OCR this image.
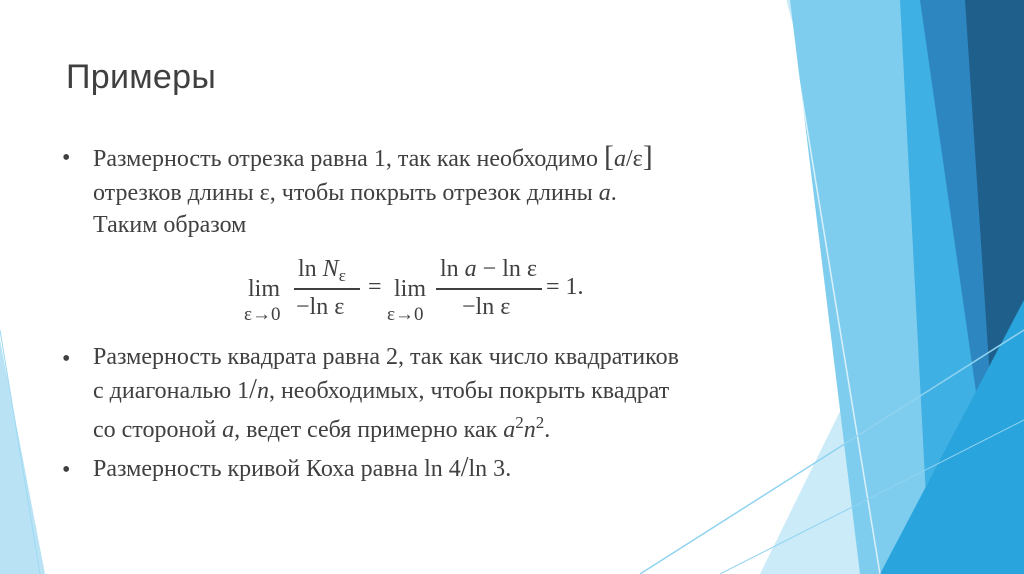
Примеры
• Размерность отрезка равна 1, так как необходимо [a/ε]
отрезков длины ε, чтобы покрыть отрезок длины a.
Таким образом
lim
ε→0
$\ln N_\varepsilon$
−ln ε
= lim
ε→0
ln a − ln ε
−ln ε
= 1.
• Размерность квадрата равна 2, так как число квадратиков
с диагональю 1/n, необходимых, чтобы покрыть квадрат
со стороной a, ведет себя примерно как $a^2n^2$.
• Размерность кривой Коха равна ln 4/ln 3.
